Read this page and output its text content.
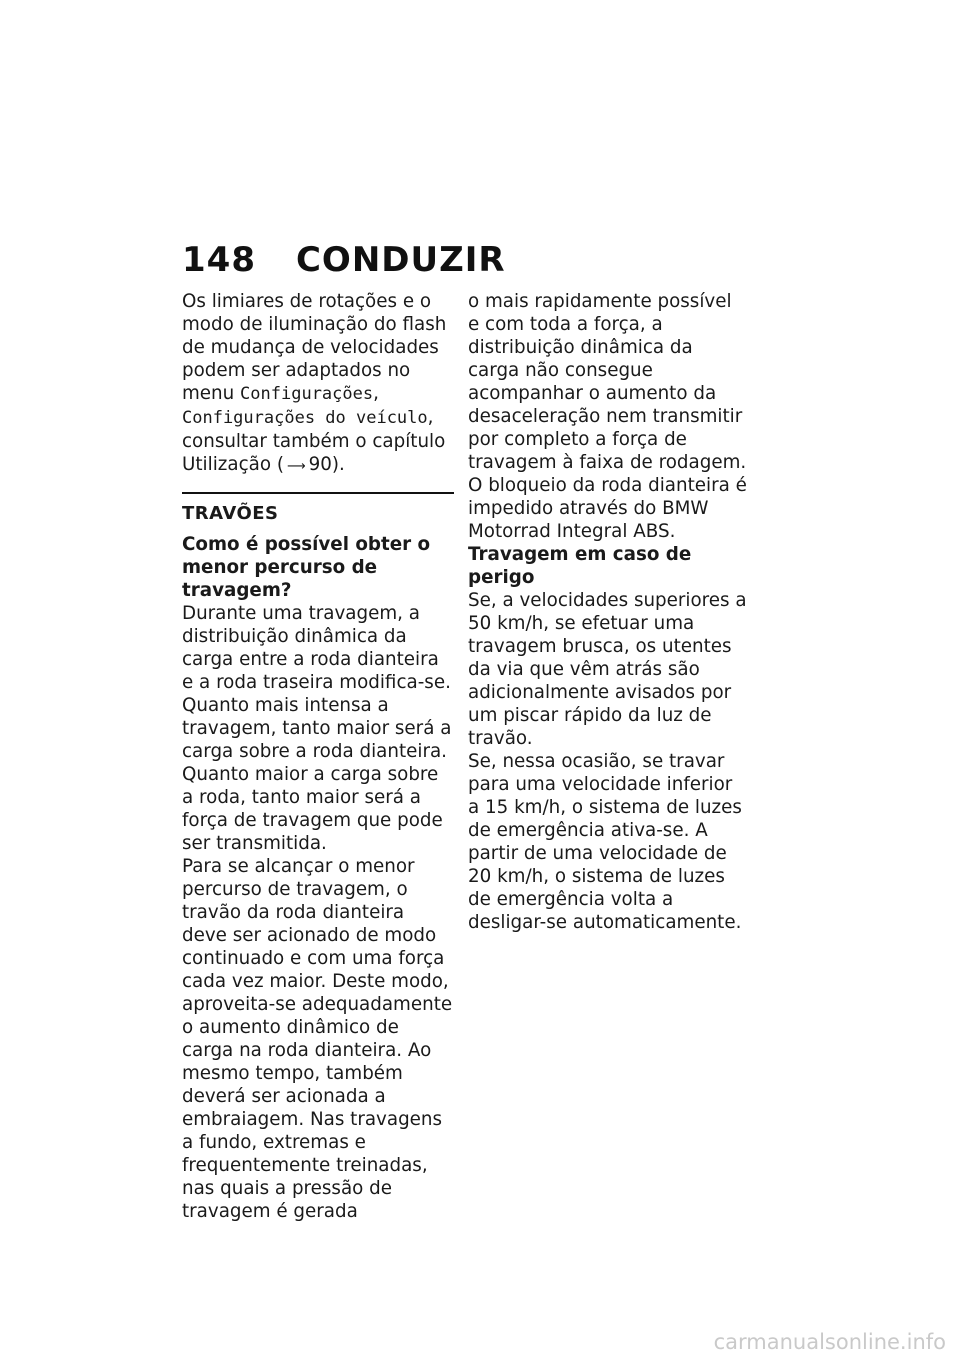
148 CONDUZIR

Os limiares de rotações e o modo de iluminação do flash de mudança de velocidades podem ser adaptados no menu Configurações, Configurações do veículo, consultar também o capítulo Utilização ( ⟶ 90).

TRAVÕES

Como é possível obter o menor percurso de travagem?

Durante uma travagem, a distribuição dinâmica da carga entre a roda dianteira e a roda traseira modifica-se. Quanto mais intensa a travagem, tanto maior será a carga sobre a roda dianteira. Quanto maior a carga sobre a roda, tanto maior será a força de travagem que pode ser transmitida.

Para se alcançar o menor percurso de travagem, o travão da roda dianteira deve ser acionado de modo continuado e com uma força cada vez maior. Deste modo, aproveita-se adequadamente o aumento dinâmico de carga na roda dianteira. Ao mesmo tempo, também deverá ser acionada a embraiagem. Nas travagens a fundo, extremas e frequentemente treinadas, nas quais a pressão de travagem é gerada

o mais rapidamente possível e com toda a força, a distribuição dinâmica da carga não consegue acompanhar o aumento da desaceleração nem transmitir por completo a força de travagem à faixa de rodagem.

O bloqueio da roda dianteira é impedido através do BMW Motorrad Integral ABS.

Travagem em caso de perigo

Se, a velocidades superiores a 50 km/h, se efetuar uma travagem brusca, os utentes da via que vêm atrás são adicionalmente avisados por um piscar rápido da luz de travão.

Se, nessa ocasião, se travar para uma velocidade inferior a 15 km/h, o sistema de luzes de emergência ativa-se. A partir de uma velocidade de 20 km/h, o sistema de luzes de emergência volta a desligar-se automaticamente.

carmanualsonline.info
